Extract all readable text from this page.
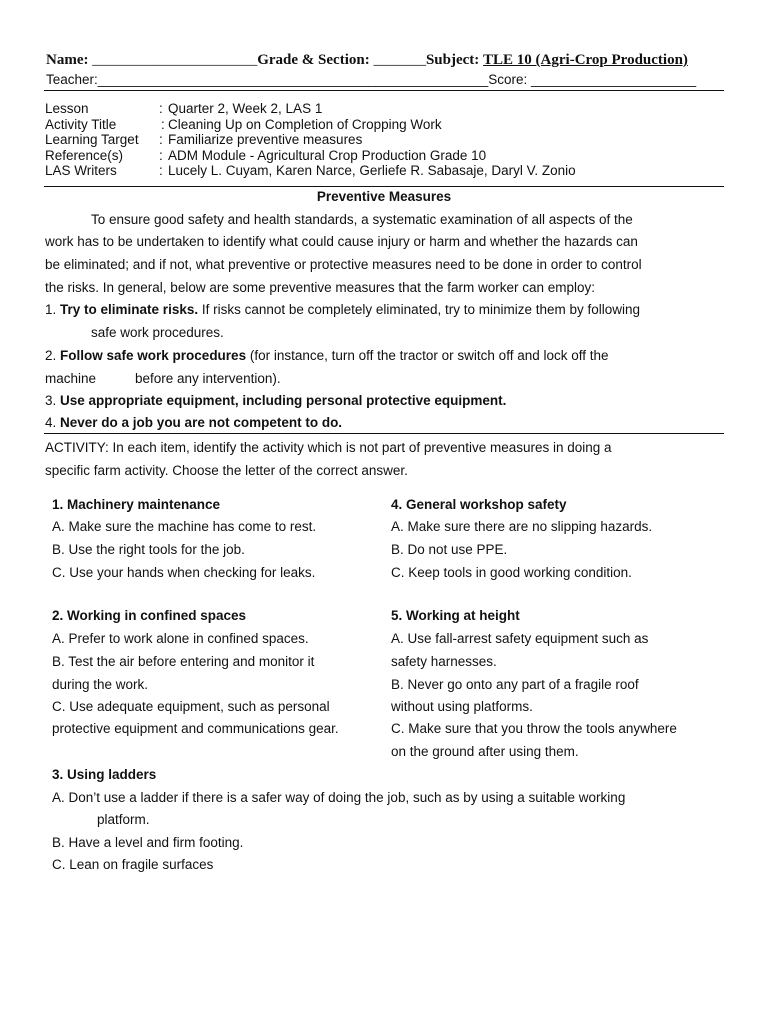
Name: ______________________Grade & Section: _______Subject: TLE 10 (Agri-Crop Production)
Teacher:____________________________________________________Score: ______________________
Lesson	:	Quarter 2, Week 2, LAS 1
Activity Title	:	Cleaning Up on Completion of Cropping Work
Learning Target	:	Familiarize preventive measures
Reference(s)	:	ADM Module - Agricultural Crop Production Grade 10
LAS Writers	:	Lucely L. Cuyam, Karen Narce, Gerliefe R. Sabasaje, Daryl V. Zonio
Preventive Measures
To ensure good safety and health standards, a systematic examination of all aspects of the
work has to be undertaken to identify what could cause injury or harm and whether the hazards can
be eliminated; and if not, what preventive or protective measures need to be done in order to control
the risks. In general, below are some preventive measures that the farm worker can employ:
1. Try to eliminate risks. If risks cannot be completely eliminated, try to minimize them by following
safe work procedures.
2. Follow safe work procedures (for instance, turn off the tractor or switch off and lock off the
machine	before any intervention).
3. Use appropriate equipment, including personal protective equipment.
4. Never do a job you are not competent to do.
ACTIVITY: In each item, identify the activity which is not part of preventive measures in doing a
specific farm activity. Choose the letter of the correct answer.
1. Machinery maintenance
A. Make sure the machine has come to rest.
B. Use the right tools for the job.
C. Use your hands when checking for leaks.
4. General workshop safety
A. Make sure there are no slipping hazards.
B. Do not use PPE.
C. Keep tools in good working condition.
2. Working in confined spaces
A. Prefer to work alone in confined spaces.
B. Test the air before entering and monitor it
during the work.
C. Use adequate equipment, such as personal
protective equipment and communications gear.
5. Working at height
A. Use fall-arrest safety equipment such as
safety harnesses.
B. Never go onto any part of a fragile roof
without using platforms.
C. Make sure that you throw the tools anywhere
on the ground after using them.
3. Using ladders
A. Don’t use a ladder if there is a safer way of doing the job, such as by using a suitable working
platform.
B. Have a level and firm footing.
C. Lean on fragile surfaces
